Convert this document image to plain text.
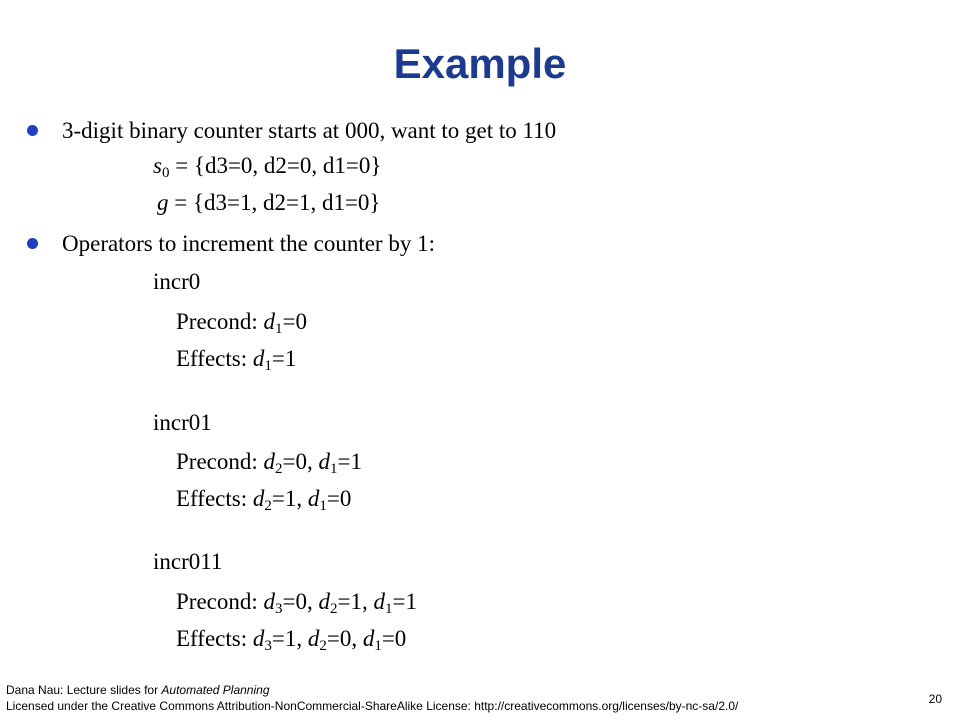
Example
3-digit binary counter starts at 000, want to get to 110
$s_0 = \{d3=0$, d2=0, d1=0}
g = {d3=1, d2=1, d1=0}
Operators to increment the counter by 1:
incr0
Precond: $d_1=0$
Effects: $d_1=1$
incr01
Precond: $d_2=0$, $d_1=1$
Effects: $d_2=1$, $d_1=0$
incr011
Precond: $d_3=0$, $d_2=1$, $d_1=1$
Effects: $d_3=1$, $d_2=0$, $d_1=0$
Dana Nau: Lecture slides for Automated Planning
Licensed under the Creative Commons Attribution-NonCommercial-ShareAlike License: http://creativecommons.org/licenses/by-nc-sa/2.0/	20
